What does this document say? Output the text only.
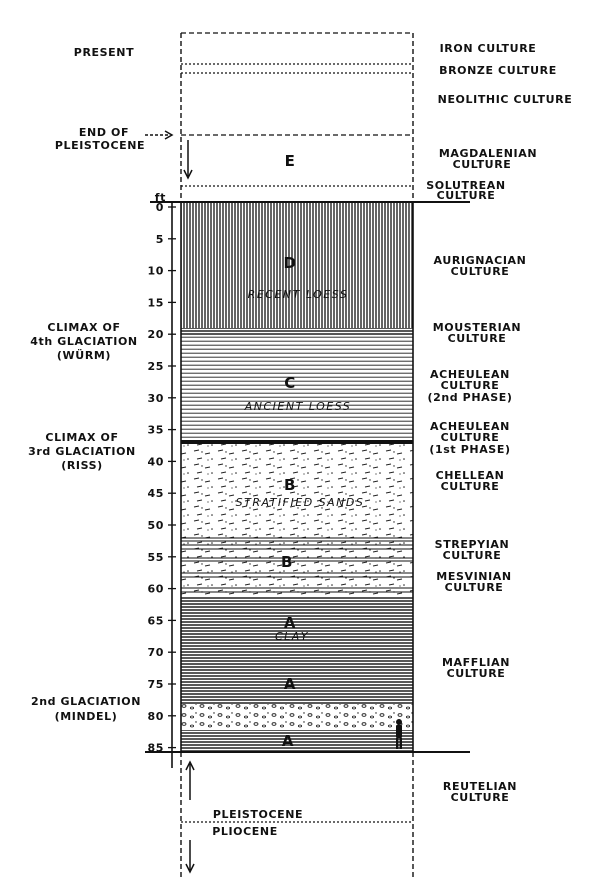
ft
0
5
10
15
20
25
30
35
40
45
50
55
60
65
70
75
80
85
PRESENT
END OF
PLEISTOCENE
CLIMAX OF
4th GLACIATION
(WÜRM)
CLIMAX OF
3rd GLACIATION
(RISS)
2nd GLACIATION
(MINDEL)
E
D
RECENT LOESS
C
ANCIENT LOESS
B
STRATIFIED SANDS
B
A
CLAY
A
A
PLEISTOCENE
PLIOCENE
IRON CULTURE
BRONZE CULTURE
NEOLITHIC CULTURE
MAGDALENIAN
CULTURE
SOLUTREAN
CULTURE
AURIGNACIAN
CULTURE
MOUSTERIAN
CULTURE
ACHEULEAN
CULTURE
(2nd PHASE)
ACHEULEAN
CULTURE
(1st PHASE)
CHELLEAN
CULTURE
STREPYIAN
CULTURE
MESVINIAN
CULTURE
MAFFLIAN
CULTURE
REUTELIAN
CULTURE
